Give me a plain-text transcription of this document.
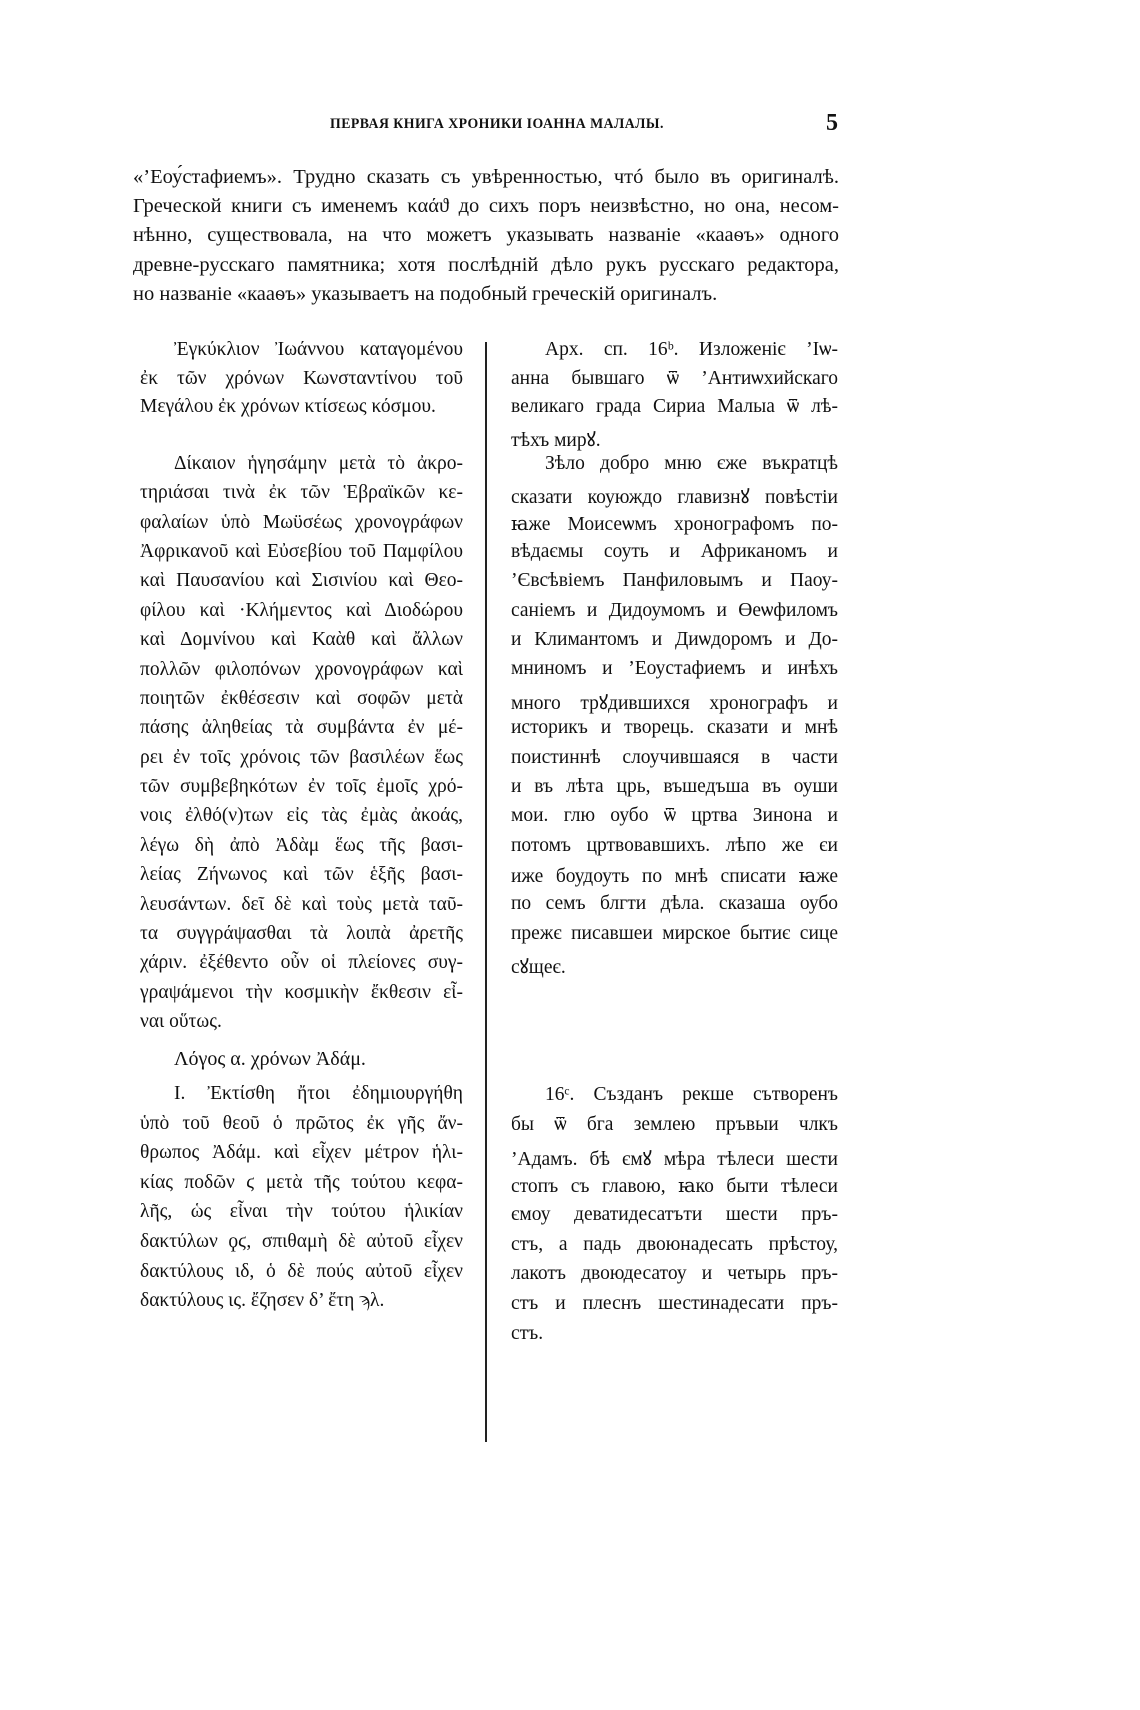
ПЕРВАЯ КНИГА ХРОНИКИ ІОАННА МАЛАЛЫ.	5
«’Εоу́стафиемъ». Трудно сказать съ увѣренностью, чтó было въ оригиналѣ.
Греческой книги съ именемъ καάϑ до сихъ поръ неизвѣстно, но она, несом-
нѣнно, существовала, на что можетъ указывать названіе «каaѳъ» одного
древне-русскаго памятника; хотя послѣдній дѣло рукъ русскаго редактора,
но названіе «каaѳъ» указываетъ на подобный греческій оригиналъ.
Ἐγκύκλιον Ἰωάννου καταγομένου
ἐκ τῶν χρόνων Κωνσταντίνου τοῦ
Μεγάλου ἐκ χρόνων κτίσεως κόσμου.
Δίκαιον ἡγησάμην μετὰ τὸ ἀκρο-
τηριάσαι τινὰ ἐκ τῶν Ἑβραϊκῶν κε-
φαλαίων ὑπὸ Μωϋσέως χρονογράφων
Ἀφρικανοῦ καὶ Εὐσεβίου τοῦ Παμφίλου
καὶ Παυσανίου καὶ Σισινίου καὶ Θεο-
φίλου καὶ ·Κλήμεντος καὶ Διοδώρου
καὶ Δομνίνου καὶ Καὰθ καὶ ἄλλων
πολλῶν φιλοπόνων χρονογράφων καὶ
ποιητῶν ἐκθέσεσιν καὶ σοφῶν μετὰ
πάσης ἀληθείας τὰ συμβάντα ἐν μέ-
ρει ἐν τοῖς χρόνοις τῶν βασιλέων ἕως
τῶν συμβεβηκότων ἐν τοῖς ἐμοῖς χρό-
νοις ἐλθό(ν)των εἰς τὰς ἐμὰς ἀκοάς,
λέγω δὴ ἀπὸ Ἀδὰμ ἕως τῆς βασι-
λείας Ζήνωνος καὶ τῶν ἑξῆς βασι-
λευσάντων. δεῖ δὲ καὶ τοὺς μετὰ ταῦ-
τα συγγράψασθαι τὰ λοιπὰ ἀρετῆς
χάριν. ἐξέθεντο οὖν οἱ πλείονες συγ-
γραψάμενοι τὴν κοσμικὴν ἔκθεσιν εἶ-
ναι οὕτως.
Λόγος α. χρόνων Ἀδάμ.
I. Ἐκτίσθη ἤτοι ἐδημιουργήθη
ὑπὸ τοῦ θεοῦ ὁ πρῶτος ἐκ γῆς ἄν-
θρωπος Ἀδάμ. καὶ εἶχεν μέτρον ἡλι-
κίας ποδῶν ϛ μετὰ τῆς τούτου κεφα-
λῆς, ὡς εἶναι τὴν τούτου ἡλικίαν
δακτύλων ϙϛ, σπιθαμὴ δὲ αὐτοῦ εἶχεν
δακτύλους ιδ, ὁ δὲ πούς αὐτοῦ εἶχεν
δακτύλους ις. ἔζησεν δ’ ἔτη ϡλ.
Арх. сп. 16ᵇ. Изложеніє ’Іѡ-
анна бывшаго ѿ ’Антиѡхийскаго
великаго града Сириа Малыа ѿ лѣ-
тѣхъ мирꙋ.
Зѣло добро мню єже въкратцѣ
сказати коуюждо главизнꙋ повѣстіи
ꙗже Моисеѡмъ хронографомъ по-
вѣдаємы соуть и Африканомъ и
’Євсѣвіемъ Панфиловымъ и Паоу-
саніемъ и Дидоумомъ и Өеѡфиломъ
и Климантомъ и Диѡдоромъ и До-
мниномъ и ’Еоустафиемъ и инѣхъ
много трꙋдившихся хронографъ и
историкъ и творець. сказати и мнѣ
поистиннѣ слоучившаяся в части
и въ лѣта црь, въшедъша въ оуши
мои. глю оубо ѿ цртва Зинона и
потомъ цртвовавшихъ. лѣпо же єи
иже боудоуть по мнѣ списати ꙗже
по семъ блгти дѣла. сказаша оубо
прежє писавшеи мирское бытиє сице
сꙋщеє.
16ᶜ. Създанъ рекше сътворенъ
бы ѿ бга землею пръвыи члкъ
’Адамъ. бѣ ємꙋ мѣра тѣлеси шести
стопъ съ главою, ꙗко быти тѣлеси
ємоу деватидесатъти шести пръ-
стъ, а падь двоюнадесать прѣстоу,
лакотъ двоюдесатоу и четырь пръ-
стъ и плеснъ шестинадесати пръ-
стъ.
